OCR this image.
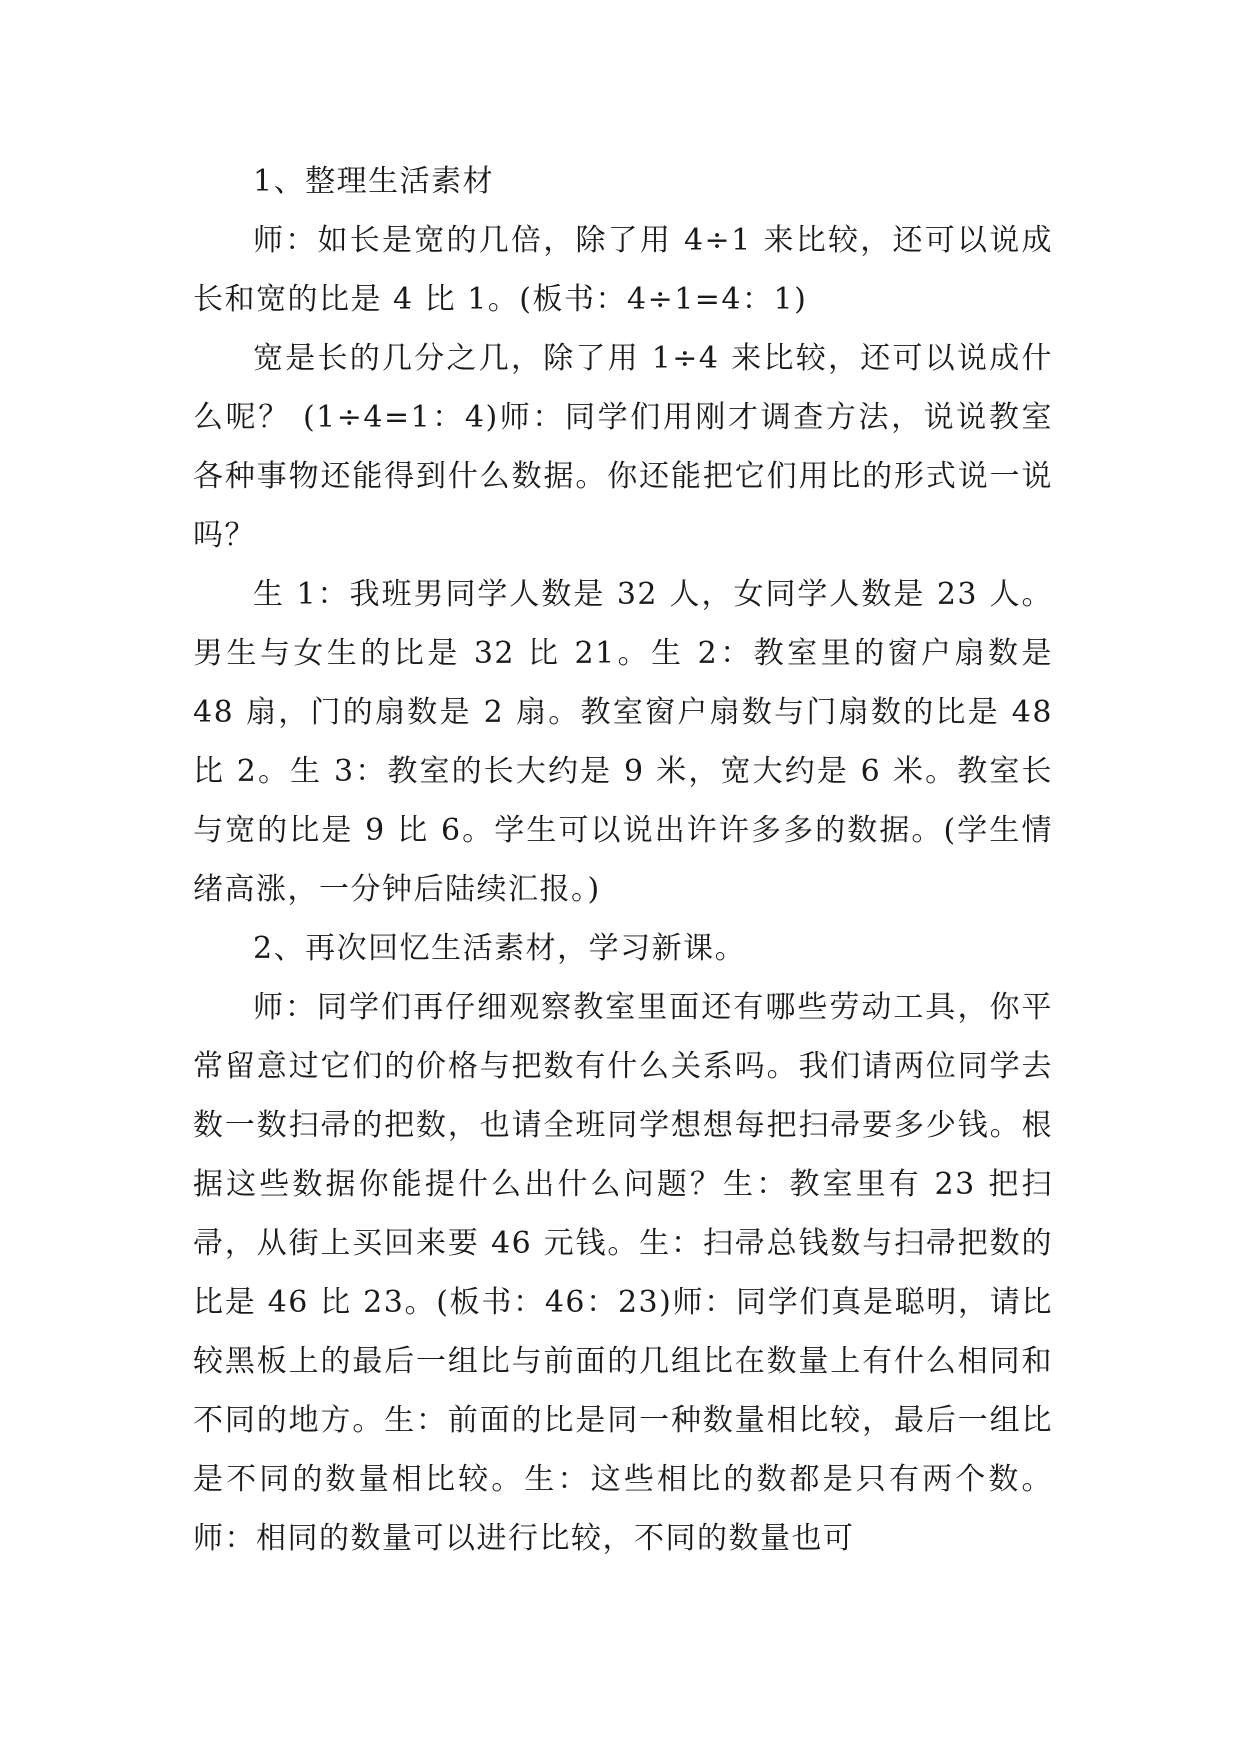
1、整理生活素材

师：如长是宽的几倍，除了用 4÷1 来比较，还可以说成长和宽的比是 4 比 1。(板书：4÷1=4：1)

宽是长的几分之几，除了用 1÷4 来比较，还可以说成什么呢？ (1÷4=1：4)师：同学们用刚才调查方法，说说教室各种事物还能得到什么数据。你还能把它们用比的形式说一说吗？

生 1：我班男同学人数是 32 人，女同学人数是 23 人。男生与女生的比是 32 比 21。生 2：教室里的窗户扇数是 48 扇，门的扇数是 2 扇。教室窗户扇数与门扇数的比是 48 比 2。生 3：教室的长大约是 9 米，宽大约是 6 米。教室长与宽的比是 9 比 6。学生可以说出许许多多的数据。(学生情绪高涨，一分钟后陆续汇报。)

2、再次回忆生活素材，学习新课。

师：同学们再仔细观察教室里面还有哪些劳动工具，你平常留意过它们的价格与把数有什么关系吗。我们请两位同学去数一数扫帚的把数，也请全班同学想想每把扫帚要多少钱。根据这些数据你能提什么出什么问题？生：教室里有 23 把扫帚，从街上买回来要 46 元钱。生：扫帚总钱数与扫帚把数的比是 46 比 23。(板书：46：23)师：同学们真是聪明，请比较黑板上的最后一组比与前面的几组比在数量上有什么相同和不同的地方。生：前面的比是同一种数量相比较，最后一组比是不同的数量相比较。生：这些相比的数都是只有两个数。师：相同的数量可以进行比较，不同的数量也可
